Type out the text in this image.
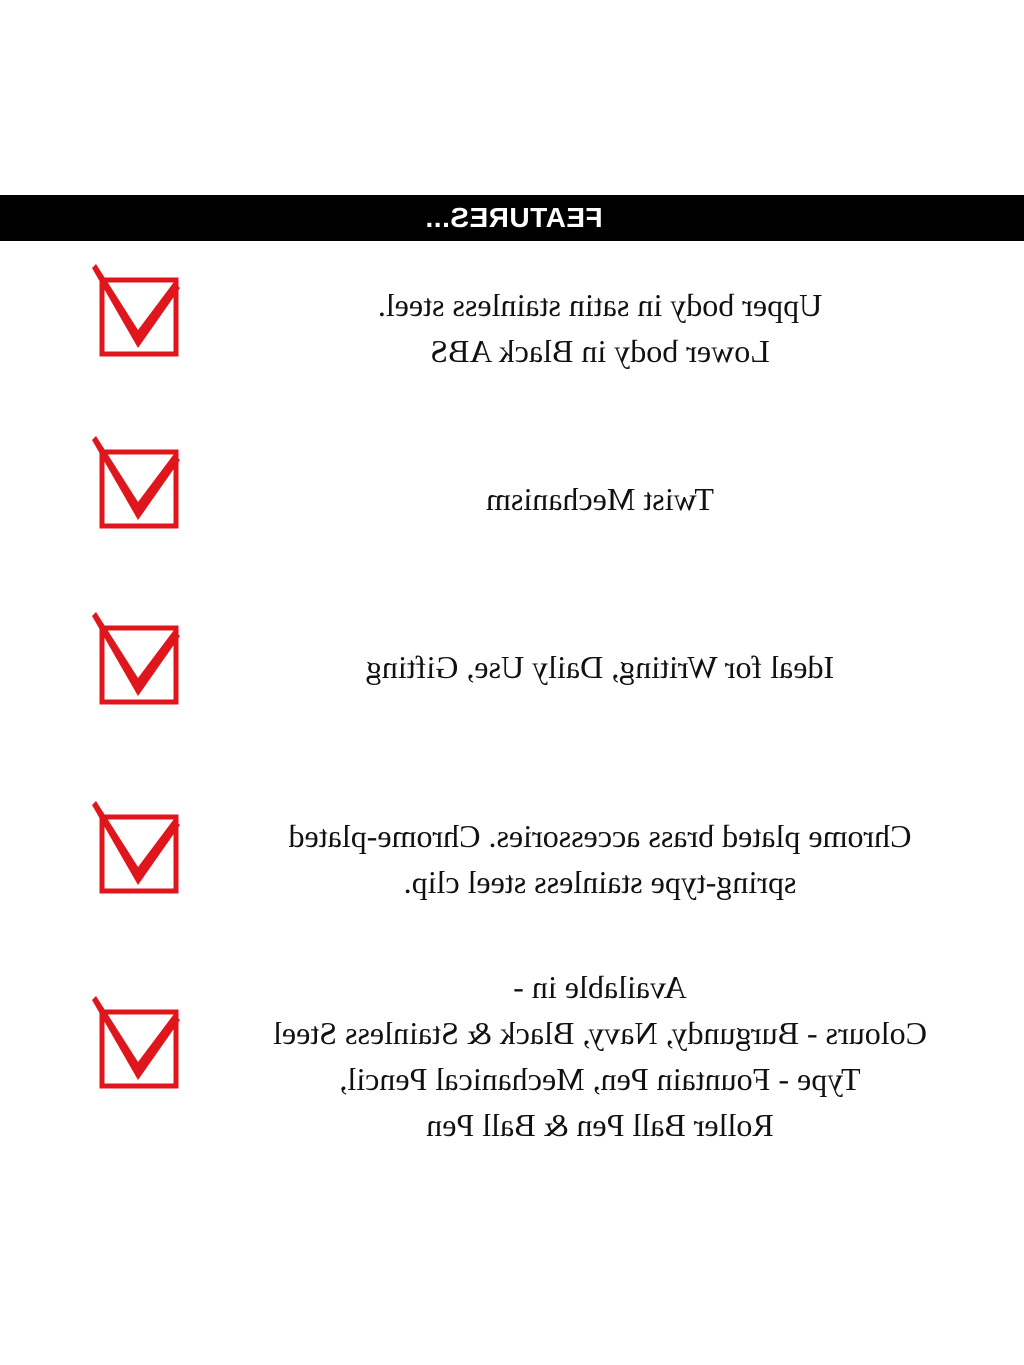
FEATURES...
Upper body in satin stainless steel.
Lower body in Black ABS
Twist Mechanism
Ideal for Writing, Daily Use, Gifting
Chrome plated brass accessories. Chrome-plated
spring-type stainless steel clip.
Available in -
Colours - Burgundy, Navy, Black & Stainless Steel
Type - Fountain Pen, Mechanical Pencil,
Roller Ball Pen & Ball Pen
